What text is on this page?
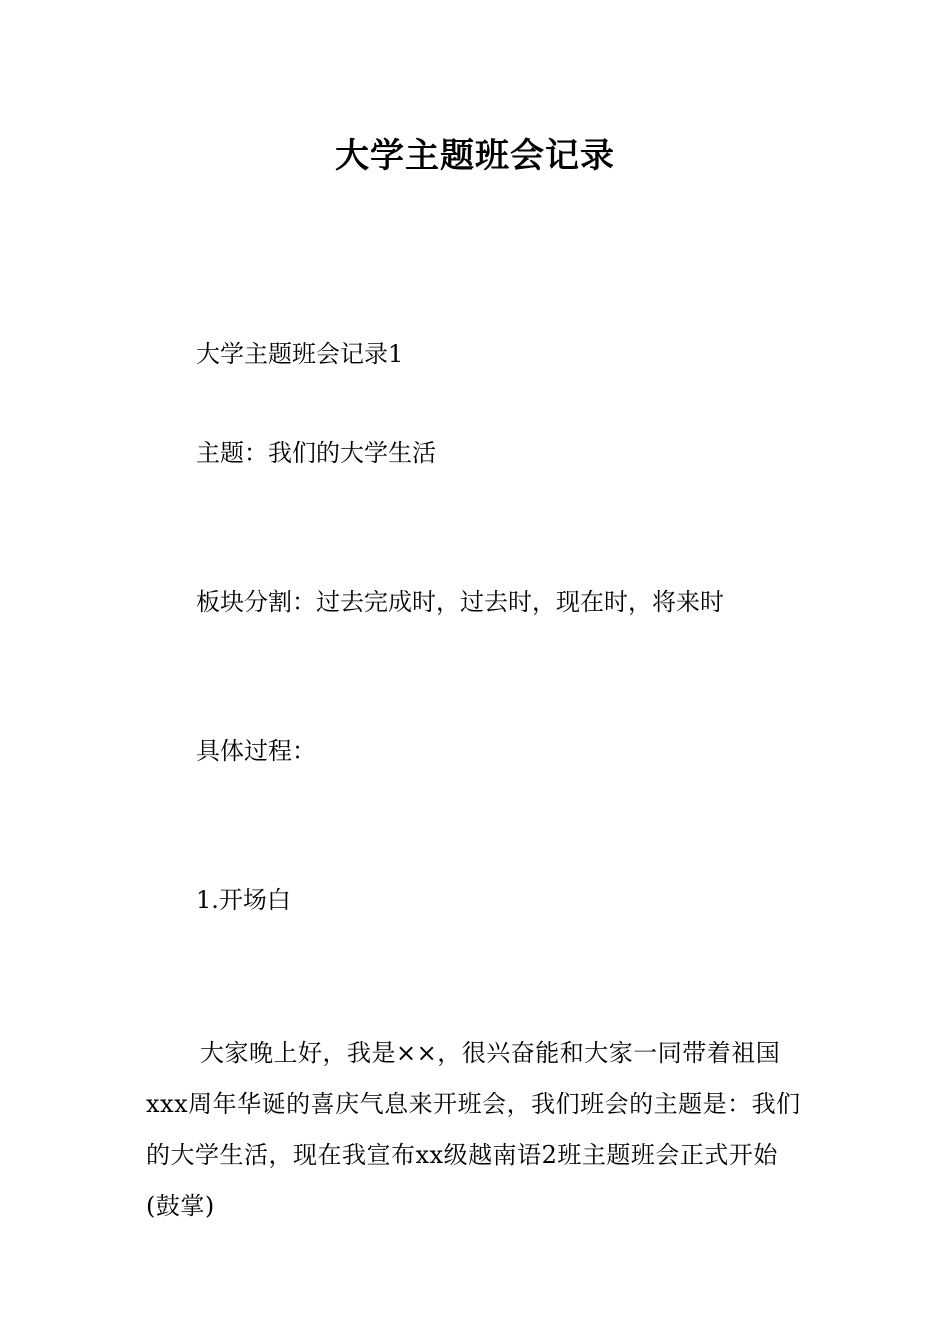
大学主题班会记录
大学主题班会记录1
主题：我们的大学生活
板块分割：过去完成时，过去时，现在时，将来时
具体过程：
1.开场白
大家晚上好，我是××，很兴奋能和大家一同带着祖国xxx周年华诞的喜庆气息来开班会，我们班会的主题是：我们的大学生活，现在我宣布xx级越南语2班主题班会正式开始(鼓掌)
